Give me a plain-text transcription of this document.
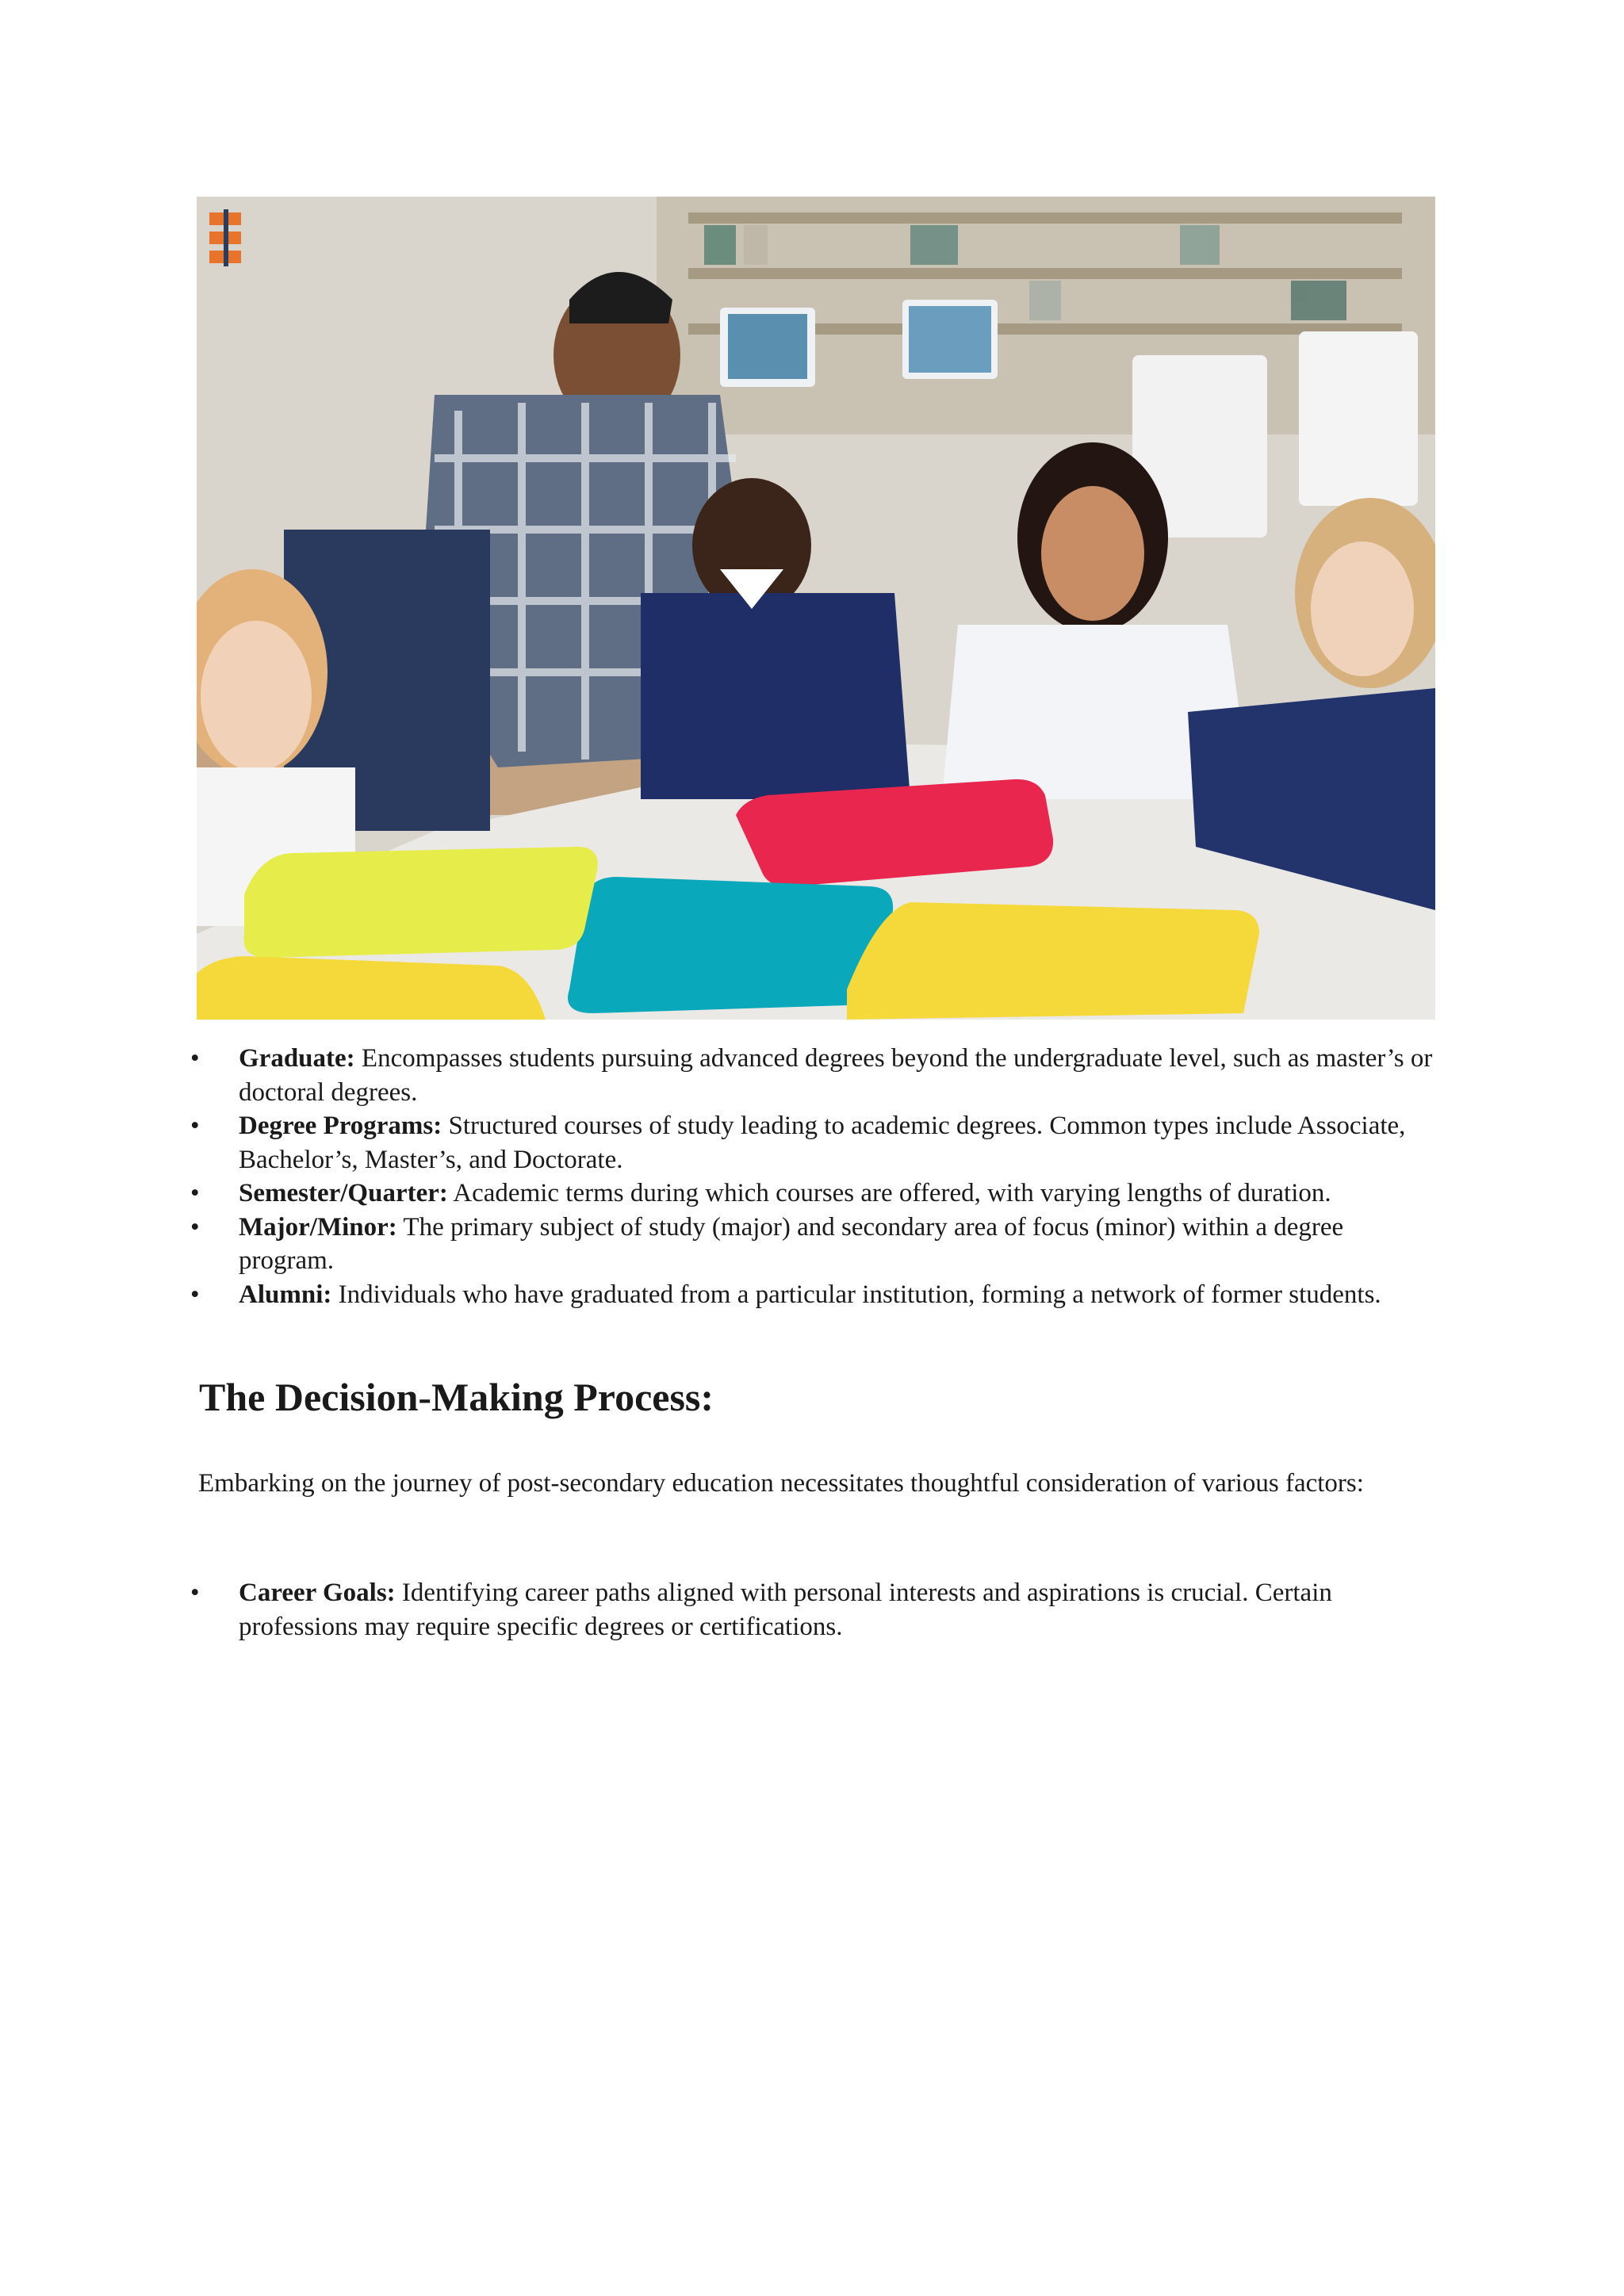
• Graduate: Encompasses students pursuing advanced degrees beyond the undergraduate level, such as master’s or doctoral degrees.
• Degree Programs: Structured courses of study leading to academic degrees. Common types include Associate, Bachelor’s, Master’s, and Doctorate.
• Semester/Quarter: Academic terms during which courses are offered, with varying lengths of duration.
• Major/Minor: The primary subject of study (major) and secondary area of focus (minor) within a degree program.
• Alumni: Individuals who have graduated from a particular institution, forming a network of former students.
The Decision-Making Process:

Embarking on the journey of post-secondary education necessitates thoughtful consideration of various factors:

• Career Goals: Identifying career paths aligned with personal interests and aspirations is crucial. Certain professions may require specific degrees or certifications.
